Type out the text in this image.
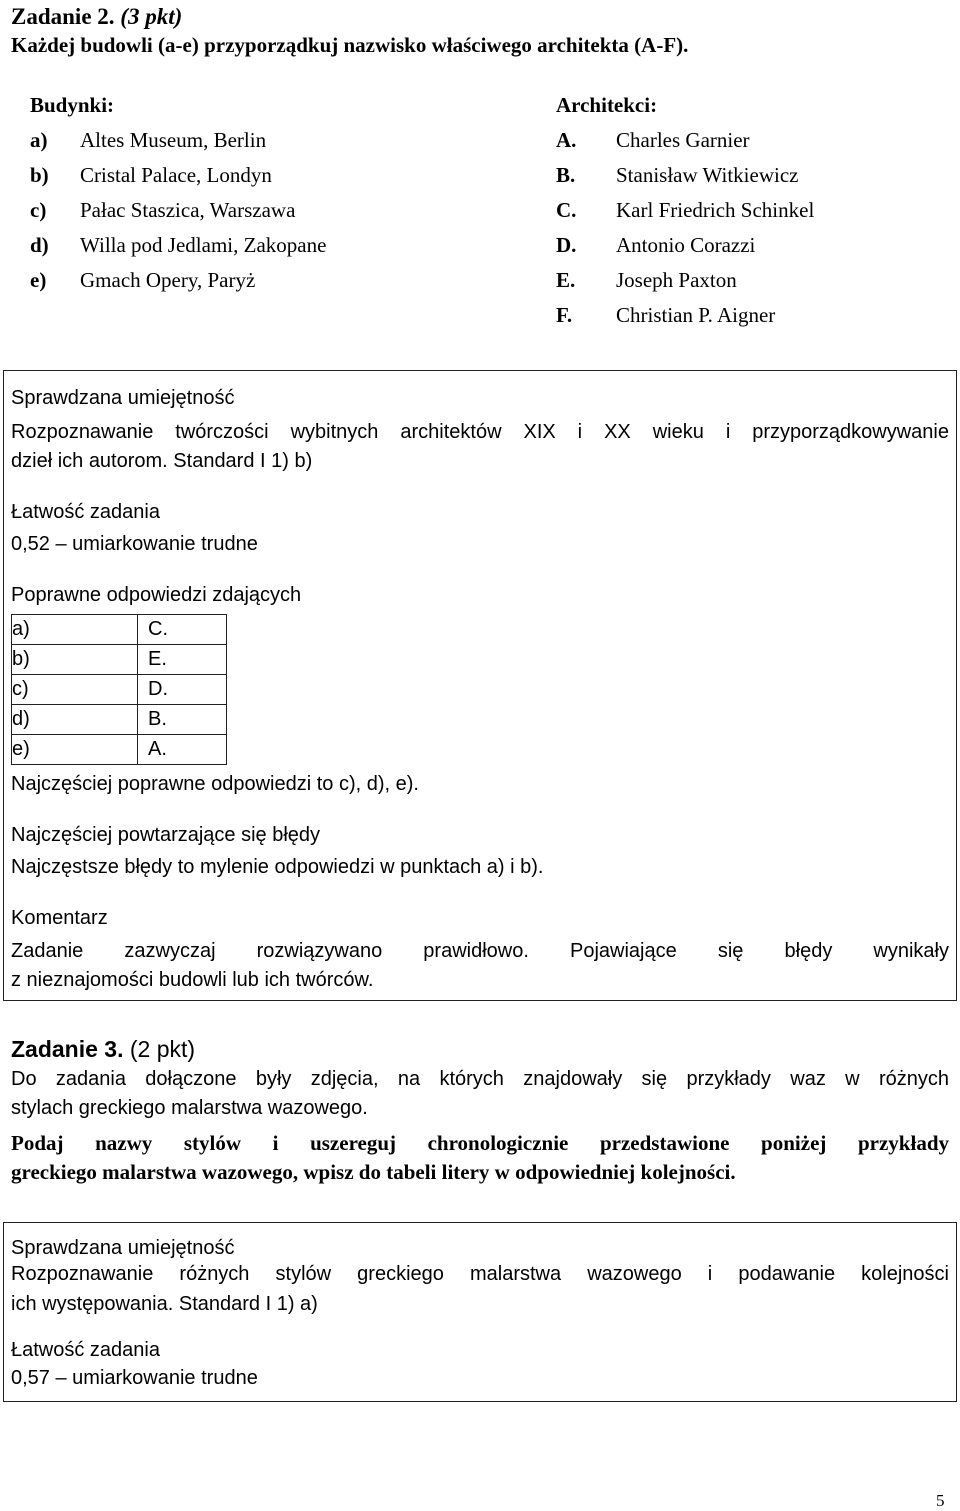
Zadanie 2. (3 pkt)
Każdej budowli (a-e) przyporządkuj nazwisko właściwego architekta (A-F).
Budynki:
a) Altes Museum, Berlin
b) Cristal Palace, Londyn
c) Pałac Staszica, Warszawa
d) Willa pod Jedlami, Zakopane
e) Gmach Opery, Paryż
Architekci:
A. Charles Garnier
B. Stanisław Witkiewicz
C. Karl Friedrich Schinkel
D. Antonio Corazzi
E. Joseph Paxton
F. Christian P. Aigner
Sprawdzana umiejętność
Rozpoznawanie twórczości wybitnych architektów XIX i XX wieku i przyporządkowywanie
dzieł ich autorom. Standard I 1) b)
Łatwość zadania
0,52 – umiarkowanie trudne
Poprawne odpowiedzi zdających
a)	C.
b)	E.
c)	D.
d)	B.
e)	A.
Najczęściej poprawne odpowiedzi to c), d), e).
Najczęściej powtarzające się błędy
Najczęstsze błędy to mylenie odpowiedzi w punktach a) i b).
Komentarz
Zadanie zazwyczaj rozwiązywano prawidłowo. Pojawiające się błędy wynikały
z nieznajomości budowli lub ich twórców.
Zadanie 3. (2 pkt)
Do zadania dołączone były zdjęcia, na których znajdowały się przykłady waz w różnych
stylach greckiego malarstwa wazowego.
Podaj nazwy stylów i uszereguj chronologicznie przedstawione poniżej przykłady
greckiego malarstwa wazowego, wpisz do tabeli litery w odpowiedniej kolejności.
Sprawdzana umiejętność
Rozpoznawanie różnych stylów greckiego malarstwa wazowego i podawanie kolejności
ich występowania. Standard I 1) a)
Łatwość zadania
0,57 – umiarkowanie trudne
5
